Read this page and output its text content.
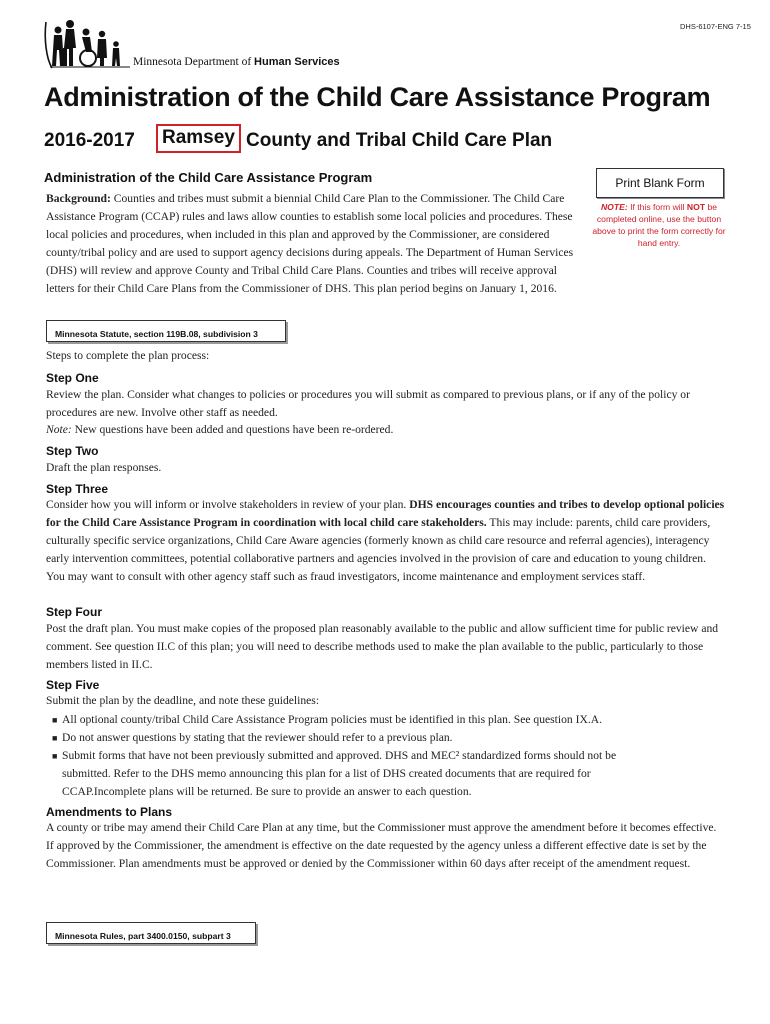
DHS-6107-ENG 7-15
Minnesota Department of Human Services
Administration of the Child Care Assistance Program
2016-2017	Ramsey County and Tribal Child Care Plan
Administration of the Child Care Assistance Program	Print Blank Form
NOTE: If this form will NOT be completed online, use the button above to print the form correctly for hand entry.
Background: Counties and tribes must submit a biennial Child Care Plan to the Commissioner. The Child Care Assistance Program (CCAP) rules and laws allow counties to establish some local policies and procedures. These local policies and procedures, when included in this plan and approved by the Commissioner, are considered county/tribal policy and are used to support agency decisions during appeals. The Department of Human Services (DHS) will review and approve County and Tribal Child Care Plans. Counties and tribes will receive approval letters for their Child Care Plans from the Commissioner of DHS. This plan period begins on January 1, 2016.
Minnesota Statute, section 119B.08, subdivision 3
Steps to complete the plan process:
Step One
Review the plan. Consider what changes to policies or procedures you will submit as compared to previous plans, or if any of the policy or procedures are new. Involve other staff as needed.
Note: New questions have been added and questions have been re-ordered.
Step Two
Draft the plan responses.
Step Three
Consider how you will inform or involve stakeholders in review of your plan. DHS encourages counties and tribes to develop optional policies for the Child Care Assistance Program in coordination with local child care stakeholders. This may include: parents, child care providers, culturally specific service organizations, Child Care Aware agencies (formerly known as child care resource and referral agencies), interagency early intervention committees, potential collaborative partners and agencies involved in the provision of care and education to young children. You may want to consult with other agency staff such as fraud investigators, income maintenance and employment services staff.
Step Four
Post the draft plan. You must make copies of the proposed plan reasonably available to the public and allow sufficient time for public review and comment. See question II.C of this plan; you will need to describe methods used to make the plan available to the public, particularly to those members listed in II.C.
Step Five
Submit the plan by the deadline, and note these guidelines:
■ All optional county/tribal Child Care Assistance Program policies must be identified in this plan. See question IX.A.
■ Do not answer questions by stating that the reviewer should refer to a previous plan.
■ Submit forms that have not been previously submitted and approved. DHS and MEC² standardized forms should not be submitted. Refer to the DHS memo announcing this plan for a list of DHS created documents that are required for CCAP.Incomplete plans will be returned. Be sure to provide an answer to each question.
Amendments to Plans
A county or tribe may amend their Child Care Plan at any time, but the Commissioner must approve the amendment before it becomes effective. If approved by the Commissioner, the amendment is effective on the date requested by the agency unless a different effective date is set by the Commissioner. Plan amendments must be approved or denied by the Commissioner within 60 days after receipt of the amendment request.
Minnesota Rules, part 3400.0150, subpart 3
